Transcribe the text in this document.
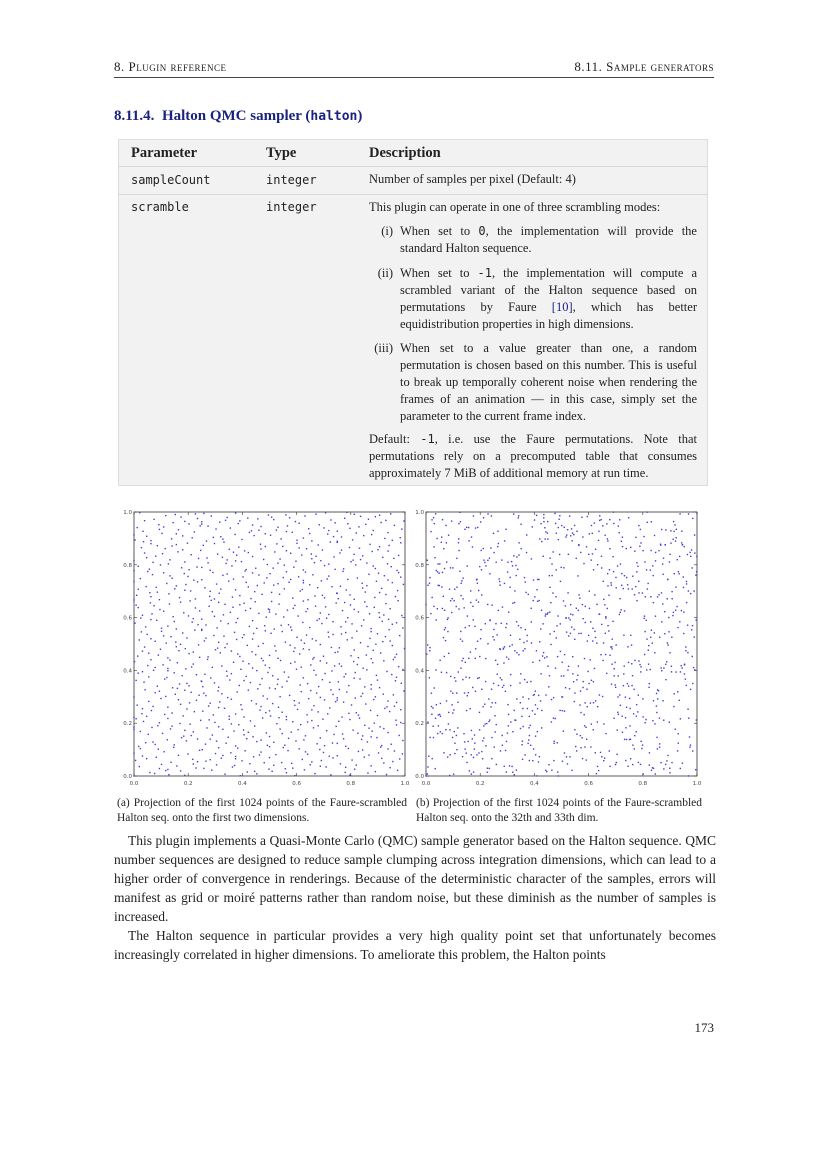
8. Plugin reference	8.11. Sample generators
8.11.4. Halton QMC sampler (halton)
Parameter	Type	Description
sampleCount	integer	Number of samples per pixel (Default: 4)
scramble	integer	This plugin can operate in one of three scrambling modes:
(i) When set to 0, the implementation will provide the standard Halton sequence.
(ii) When set to -1, the implementation will compute a scrambled variant of the Halton sequence based on permutations by Faure [10], which has better equidistribution properties in high dimensions.
(iii) When set to a value greater than one, a random permutation is chosen based on this number. This is useful to break up temporally coherent noise when rendering the frames of an animation — in this case, simply set the parameter to the current frame index.
Default: -1, i.e. use the Faure permutations. Note that permutations rely on a precomputed table that consumes approximately 7 MiB of additional memory at run time.
0.0	0.2	0.4	0.6	0.8	1.0
0.0
0.2
0.4
0.6
0.8
1.0
0.0	0.2	0.4	0.6	0.8	1.0
0.0
0.2
0.4
0.6
0.8
1.0
(a) Projection of the first 1024 points of the Faure-scrambled Halton seq. onto the first two dimensions.
(b) Projection of the first 1024 points of the Faure-scrambled Halton seq. onto the 32th and 33th dim.
This plugin implements a Quasi-Monte Carlo (QMC) sample generator based on the Halton sequence. QMC number sequences are designed to reduce sample clumping across integration dimensions, which can lead to a higher order of convergence in renderings. Because of the deterministic character of the samples, errors will manifest as grid or moiré patterns rather than random noise, but these diminish as the number of samples is increased.
The Halton sequence in particular provides a very high quality point set that unfortunately becomes increasingly correlated in higher dimensions. To ameliorate this problem, the Halton points
173
